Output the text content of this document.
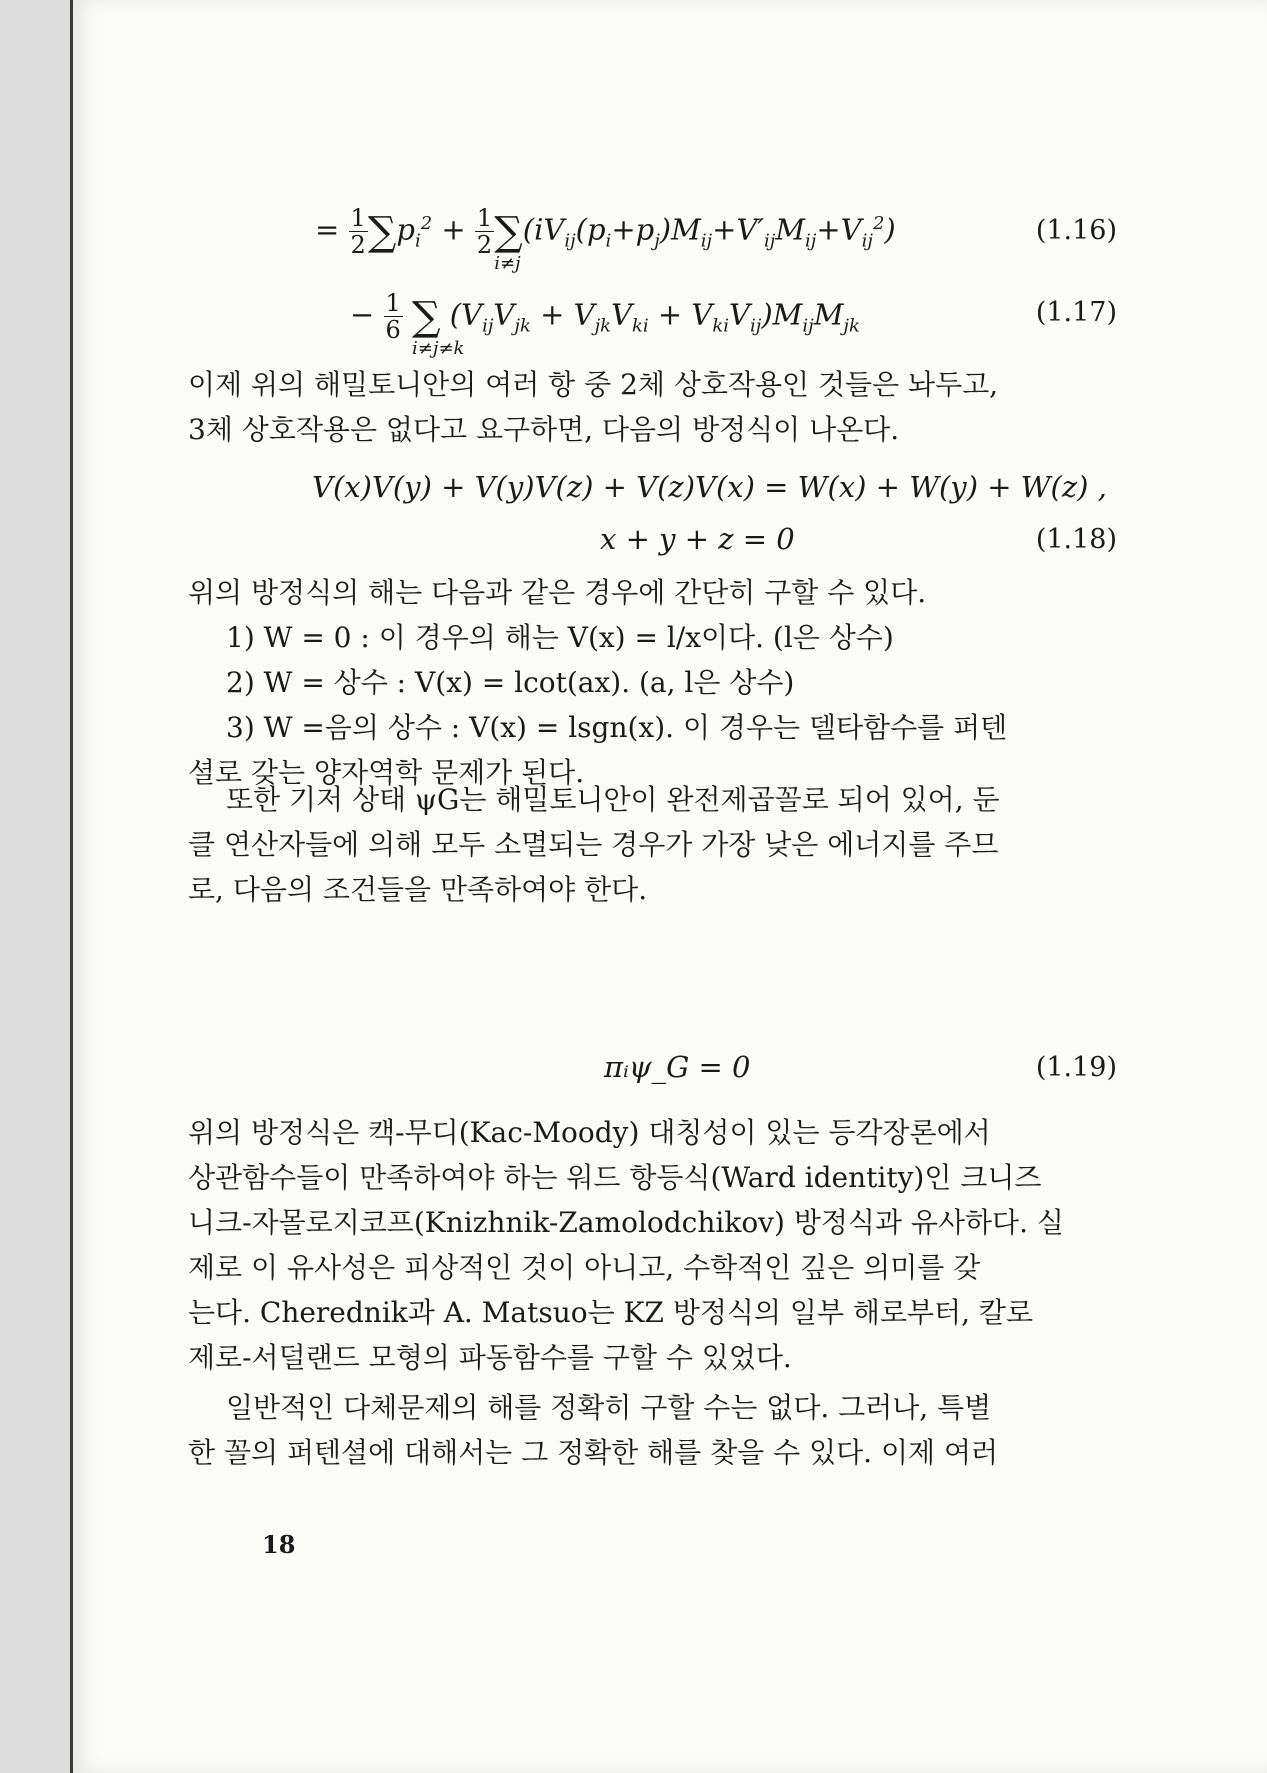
= $\frac{1}{2} \sum p_i^2 + \frac{1}{2}$ ∑
i≠j
$(iV_{ij}(p_i+p_j)M_{ij}+V'_{ij}M_{ij}+V_{ij}^2)$	(1.16)
− $\frac{1}{6}$ ∑
i≠j≠k
$(V_{ij}V_{jk} + V_{jk}V_{ki} + V_{ki}V_{ij})M_{ij}M_{jk}$	(1.17)

이제 위의 해밀토니안의 여러 항 중 2체 상호작용인 것들은 놔두고,

3체 상호작용은 없다고 요구하면, 다음의 방정식이 나온다.

V(x)V(y) + V(y)V(z) + V(z)V(x) = W(x) + W(y) + W(z) ,
x + y + z = 0	(1.18)

위의 방정식의 해는 다음과 같은 경우에 간단히 구할 수 있다.

1) W = 0 : 이 경우의 해는 V(x) = l/x이다. (l은 상수)

2) W = 상수 : V(x) = lcot(ax). (a, l은 상수)

3) W =음의 상수 : V(x) = lsgn(x). 이 경우는 델타함수를 퍼텐

셜로 갖는 양자역학 문제가 된다.

또한 기저 상태 ψG는 해밀토니안이 완전제곱꼴로 되어 있어, 둔

클 연산자들에 의해 모두 소멸되는 경우가 가장 낮은 에너지를 주므

로, 다음의 조건들을 만족하여야 한다.

πᵢψ_G = 0	(1.19)

위의 방정식은 캑-무디(Kac-Moody) 대칭성이 있는 등각장론에서

상관함수들이 만족하여야 하는 워드 항등식(Ward identity)인 크니즈

니크-자몰로지코프(Knizhnik-Zamolodchikov) 방정식과 유사하다. 실

제로 이 유사성은 피상적인 것이 아니고, 수학적인 깊은 의미를 갖

는다. Cherednik과 A. Matsuo는 KZ 방정식의 일부 해로부터, 칼로

제로-서덜랜드 모형의 파동함수를 구할 수 있었다.

일반적인 다체문제의 해를 정확히 구할 수는 없다. 그러나, 특별

한 꼴의 퍼텐셜에 대해서는 그 정확한 해를 찾을 수 있다. 이제 여러

18
